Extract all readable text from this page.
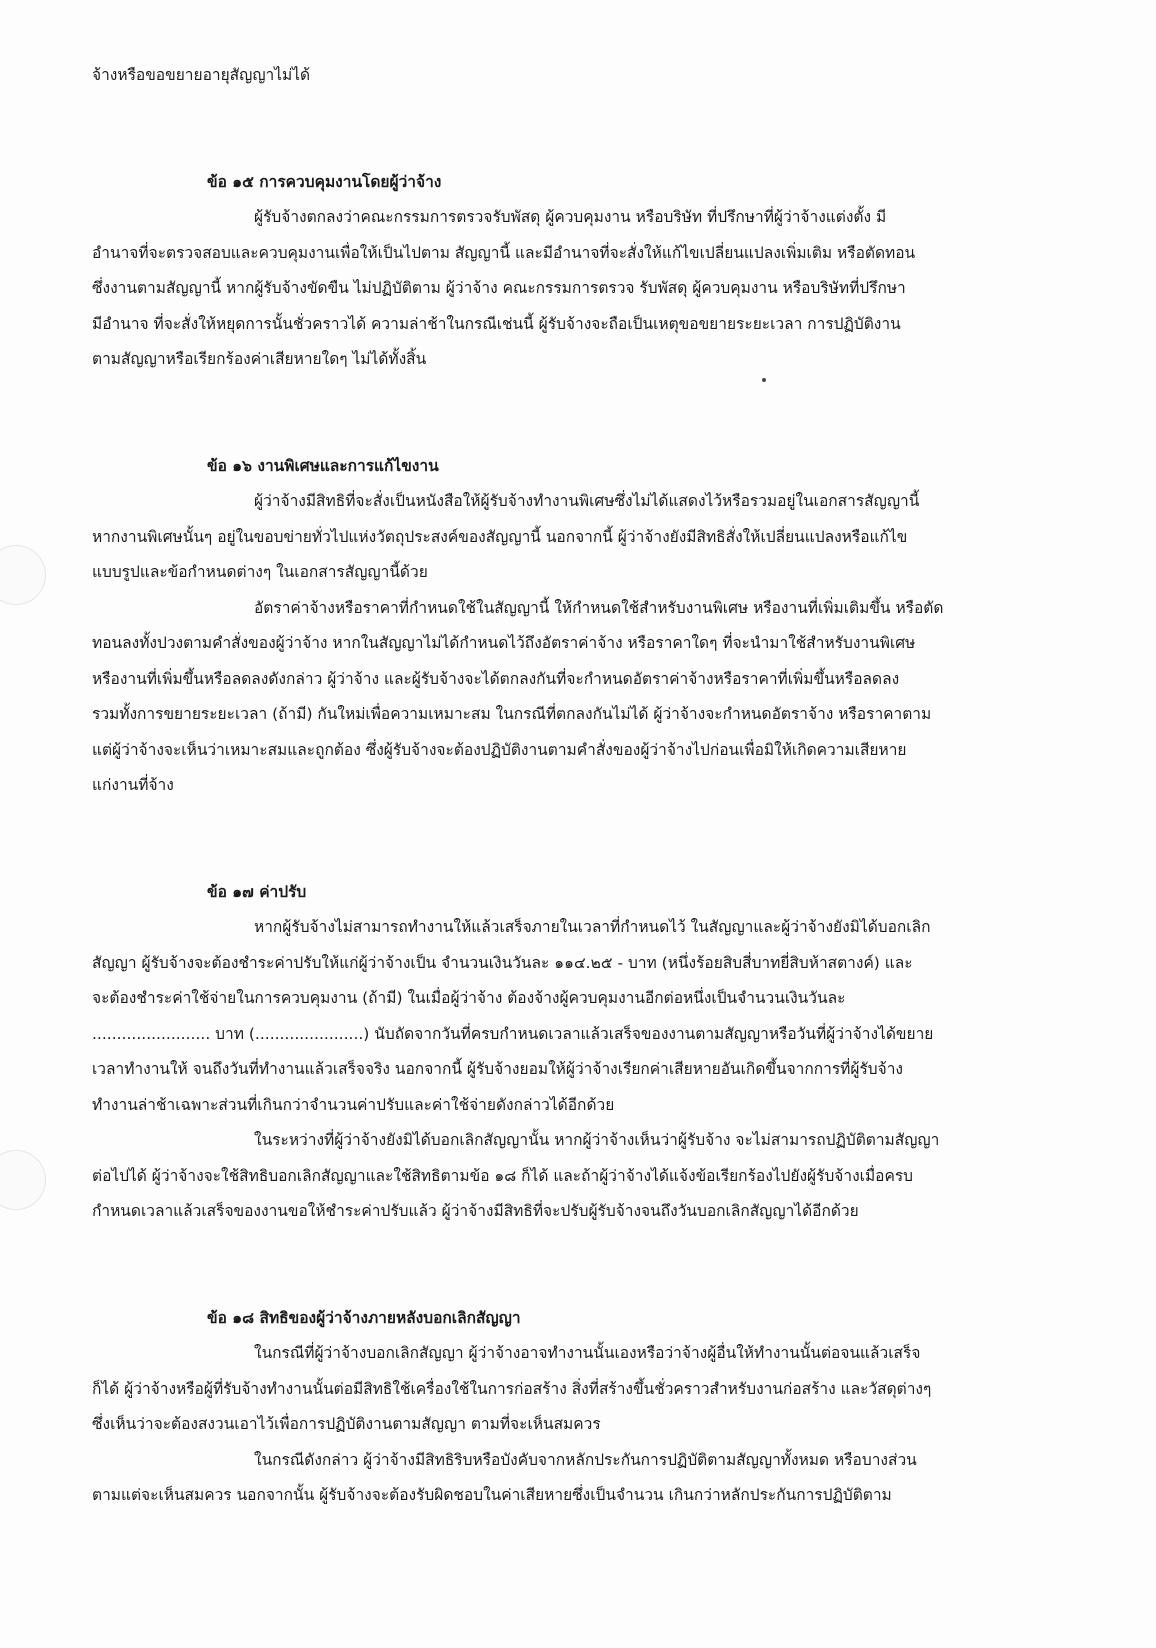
จ้างหรือขอขยายอายุสัญญาไม่ได้
ข้อ ๑๕ การควบคุมงานโดยผู้ว่าจ้าง
ผู้รับจ้างตกลงว่าคณะกรรมการตรวจรับพัสดุ ผู้ควบคุมงาน หรือบริษัท ที่ปรึกษาที่ผู้ว่าจ้างแต่งตั้ง มี
อำนาจที่จะตรวจสอบและควบคุมงานเพื่อให้เป็นไปตาม สัญญานี้ และมีอำนาจที่จะสั่งให้แก้ไขเปลี่ยนแปลงเพิ่มเติม หรือตัดทอน
ซึ่งงานตามสัญญานี้ หากผู้รับจ้างขัดขืน ไม่ปฏิบัติตาม ผู้ว่าจ้าง คณะกรรมการตรวจ รับพัสดุ ผู้ควบคุมงาน หรือบริษัทที่ปรึกษา
มีอำนาจ ที่จะสั่งให้หยุดการนั้นชั่วคราวได้ ความล่าช้าในกรณีเช่นนี้ ผู้รับจ้างจะถือเป็นเหตุขอขยายระยะเวลา การปฏิบัติงาน
ตามสัญญาหรือเรียกร้องค่าเสียหายใดๆ ไม่ได้ทั้งสิ้น
ข้อ ๑๖ งานพิเศษและการแก้ไขงาน
ผู้ว่าจ้างมีสิทธิที่จะสั่งเป็นหนังสือให้ผู้รับจ้างทำงานพิเศษซึ่งไม่ได้แสดงไว้หรือรวมอยู่ในเอกสารสัญญานี้
หากงานพิเศษนั้นๆ อยู่ในขอบข่ายทั่วไปแห่งวัตถุประสงค์ของสัญญานี้ นอกจากนี้ ผู้ว่าจ้างยังมีสิทธิสั่งให้เปลี่ยนแปลงหรือแก้ไข
แบบรูปและข้อกำหนดต่างๆ ในเอกสารสัญญานี้ด้วย
อัตราค่าจ้างหรือราคาที่กำหนดใช้ในสัญญานี้ ให้กำหนดใช้สำหรับงานพิเศษ หรืองานที่เพิ่มเติมขึ้น หรือตัด
ทอนลงทั้งปวงตามคำสั่งของผู้ว่าจ้าง หากในสัญญาไม่ได้กำหนดไว้ถึงอัตราค่าจ้าง หรือราคาใดๆ ที่จะนำมาใช้สำหรับงานพิเศษ
หรืองานที่เพิ่มขึ้นหรือลดลงดังกล่าว ผู้ว่าจ้าง และผู้รับจ้างจะได้ตกลงกันที่จะกำหนดอัตราค่าจ้างหรือราคาที่เพิ่มขึ้นหรือลดลง
รวมทั้งการขยายระยะเวลา (ถ้ามี) กันใหม่เพื่อความเหมาะสม ในกรณีที่ตกลงกันไม่ได้ ผู้ว่าจ้างจะกำหนดอัตราจ้าง หรือราคาตาม
แต่ผู้ว่าจ้างจะเห็นว่าเหมาะสมและถูกต้อง ซึ่งผู้รับจ้างจะต้องปฏิบัติงานตามคำสั่งของผู้ว่าจ้างไปก่อนเพื่อมิให้เกิดความเสียหาย
แก่งานที่จ้าง
ข้อ ๑๗ ค่าปรับ
หากผู้รับจ้างไม่สามารถทำงานให้แล้วเสร็จภายในเวลาที่กำหนดไว้ ในสัญญาและผู้ว่าจ้างยังมิได้บอกเลิก
สัญญา ผู้รับจ้างจะต้องชำระค่าปรับให้แก่ผู้ว่าจ้างเป็น จำนวนเงินวันละ ๑๑๔.๒๕ - บาท (หนึ่งร้อยสิบสี่บาทยี่สิบห้าสตางค์) และ
จะต้องชำระค่าใช้จ่ายในการควบคุมงาน (ถ้ามี) ในเมื่อผู้ว่าจ้าง ต้องจ้างผู้ควบคุมงานอีกต่อหนึ่งเป็นจำนวนเงินวันละ
........................ บาท (......................) นับถัดจากวันที่ครบกำหนดเวลาแล้วเสร็จของงานตามสัญญาหรือวันที่ผู้ว่าจ้างได้ขยาย
เวลาทำงานให้ จนถึงวันที่ทำงานแล้วเสร็จจริง นอกจากนี้ ผู้รับจ้างยอมให้ผู้ว่าจ้างเรียกค่าเสียหายอันเกิดขึ้นจากการที่ผู้รับจ้าง
ทำงานล่าช้าเฉพาะส่วนที่เกินกว่าจำนวนค่าปรับและค่าใช้จ่ายดังกล่าวได้อีกด้วย
ในระหว่างที่ผู้ว่าจ้างยังมิได้บอกเลิกสัญญานั้น หากผู้ว่าจ้างเห็นว่าผู้รับจ้าง จะไม่สามารถปฏิบัติตามสัญญา
ต่อไปได้ ผู้ว่าจ้างจะใช้สิทธิบอกเลิกสัญญาและใช้สิทธิตามข้อ ๑๘ ก็ได้ และถ้าผู้ว่าจ้างได้แจ้งข้อเรียกร้องไปยังผู้รับจ้างเมื่อครบ
กำหนดเวลาแล้วเสร็จของงานขอให้ชำระค่าปรับแล้ว ผู้ว่าจ้างมีสิทธิที่จะปรับผู้รับจ้างจนถึงวันบอกเลิกสัญญาได้อีกด้วย
ข้อ ๑๘ สิทธิของผู้ว่าจ้างภายหลังบอกเลิกสัญญา
ในกรณีที่ผู้ว่าจ้างบอกเลิกสัญญา ผู้ว่าจ้างอาจทำงานนั้นเองหรือว่าจ้างผู้อื่นให้ทำงานนั้นต่อจนแล้วเสร็จ
ก็ได้ ผู้ว่าจ้างหรือผู้ที่รับจ้างทำงานนั้นต่อมีสิทธิใช้เครื่องใช้ในการก่อสร้าง สิ่งที่สร้างขึ้นชั่วคราวสำหรับงานก่อสร้าง และวัสดุต่างๆ
ซึ่งเห็นว่าจะต้องสงวนเอาไว้เพื่อการปฏิบัติงานตามสัญญา ตามที่จะเห็นสมควร
ในกรณีดังกล่าว ผู้ว่าจ้างมีสิทธิริบหรือบังคับจากหลักประกันการปฏิบัติตามสัญญาทั้งหมด หรือบางส่วน
ตามแต่จะเห็นสมควร นอกจากนั้น ผู้รับจ้างจะต้องรับผิดชอบในค่าเสียหายซึ่งเป็นจำนวน เกินกว่าหลักประกันการปฏิบัติตาม
